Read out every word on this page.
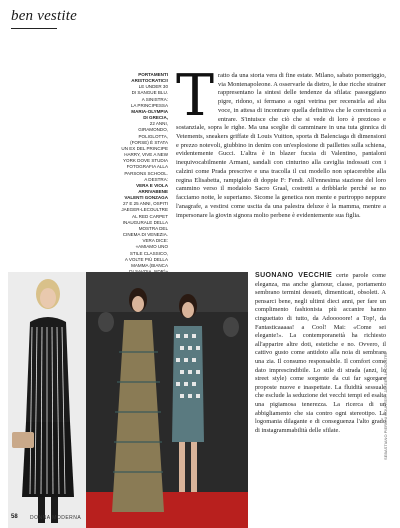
ben vestite
PORTAMENTI
ARISTOCRATICI!
LE UNDER 30
DI SANGUE BLU.
A SINISTRA:
LA PRINCIPESSA
MARIA-OLYMPIA
DI GRECIA,
22 ANNI,
GIRAMONDO,
POLIGLOTTA,
(FORSE) È STATA
UN EX DEL PRINCIPE
HARRY, VIVE A NEW
YORK DOVE STUDIA
FOTOGRAFIA ALLA
PARSONS SCHOOL.
A DESTRA:
VERA E VIOLA
ARRIVABENE
VALENTI GONZAGA
27 E 25 ANNI, OSPITI
JAEGER-LECOULTRE
AL RED CARPET
INAUGURALE DELLA
MOSTRA DEL
CINEMA DI VENEZIA.
VERA DICE:
«AMIAMO UNO
STILE CLASSICO,
A VOLTE PIÙ DELLA
MAMMA (BIANCA
T ratto da una storia vera di fine estate. Milano, sabato pomeriggio, via Montenapoleone. A osservarle da dietro, le due ricche strainer rappresentano la sintesi delle tendenze da sfilata: passeggiano pigre, ridono, si fermano a ogni vetrina per recensirla ad alta voce, in attesa di incontrare quella definitiva che le convincerà a entrare. S'intuisce che ciò che si vede di loro è prezioso e sostanziale, sopra le righe. Ma una sceglie di camminare in una tuta ginnica di Vetements, sneakers griffate di Louis Vuitton, sporta di Balenciaga di dimensioni e prezzo notevoli, giubbino in denim con un'esplosione di paillettes sulla schiena, evidentemente Gucci. L'altra è in blazer fucsia di Valentino, pantaloni inequivocabilmente Armani, sandali con cinturino alla caviglia indossati con i calzini come Prada prescrive e una tracolla il cui modello non spiacerebbe alla regina Elisabetta, rampiglato di doppie F: Fendi. All'ennesima stazione del loro cammino verso il modaiolo Sacro Graal, costretti a dribblarle perché se no facciamo notte, le superiamo. Sicome la genetica non mente e purtroppo neppure l'anagrafe, a vestirsi come uscita da una palestra deluxe è la mamma, mentre a impersonare la giovin signora molto perbene è evidentemente sua figlia.
SUONANO VECCHIE certe parole come eleganza, ma anche glamour, classe, portamento sembrano termini desueti, dimenticati, obsoleti. A pensarci bene, negli ultimi dieci anni, per fare un complimento fashionista più accanire hanno cinguettato di tutto, da Adooooore! a Top!, da Fantasticaaaaa! a Cool! Mai: «Come sei elegante!». La contemporaneità ha richiesto all'apparire altre doti, estetiche e no. Ovvero, il cattivo gusto come antidoto alla noia di sembrare una zia. Il consumo responsabile. Il comfort come dato imprescindibile. Lo stile di strada (anzi, lo street style) come sorgente da cui far sgorgare proposte nuove e inaspettate. La fluidità sessuale che esclude la seduzione dei vecchi tempi ed esalta una pigiamosa tenerezza. La ricerca di un abbigliamento che sia contro ogni stereotipo. La logomania dilagante e di conseguenza l'alto grado di instagrammabilità delle sfilate.	SEBASTIANO PIERONI COURTESY JAEGER-LECOULTRE
58 DONNA MODERNA
